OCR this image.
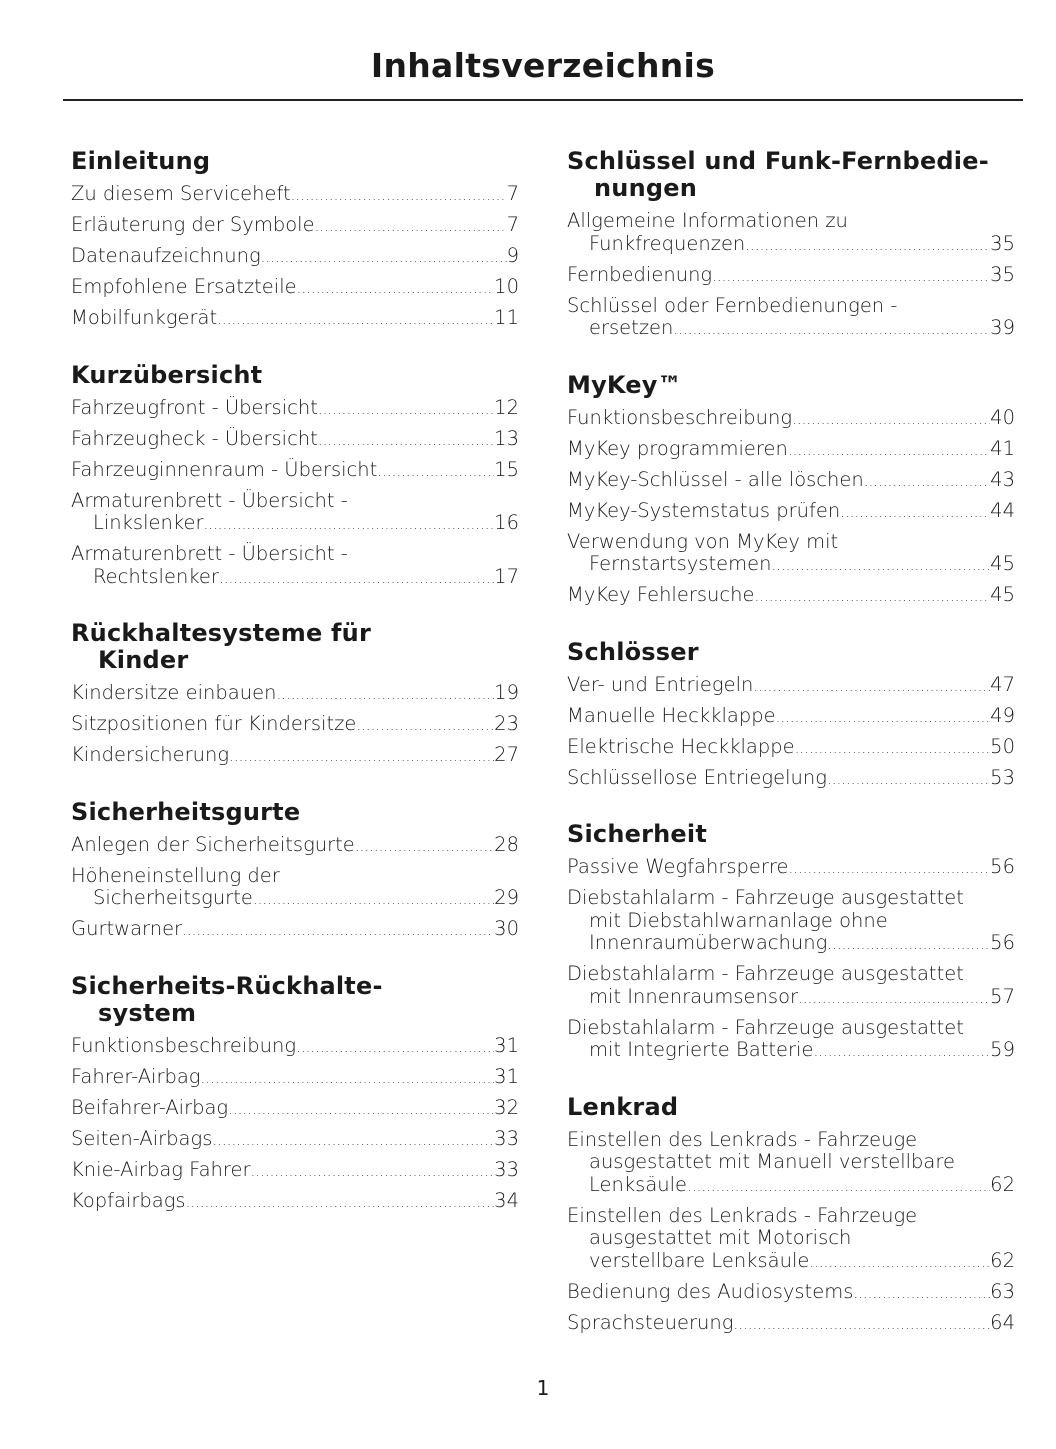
Inhaltsverzeichnis
Einleitung
Zu diesem Serviceheft .....	7
Erläuterung der Symbole .....	7
Datenaufzeichnung .....	9
Empfohlene Ersatzteile .....	10
Mobilfunkgerät .....	11
Kurzübersicht
Fahrzeugfront - Übersicht .....	12
Fahrzeugheck - Übersicht .....	13
Fahrzeuginnenraum - Übersicht .....	15
Armaturenbrett - Übersicht -
Linkslenker .....	16
Armaturenbrett - Übersicht -
Rechtslenker .....	17
Rückhaltesysteme für
Kinder
Kindersitze einbauen .....	19
Sitzpositionen für Kindersitze .....	23
Kindersicherung .....	27
Sicherheitsgurte
Anlegen der Sicherheitsgurte .....	28
Höheneinstellung der
Sicherheitsgurte .....	29
Gurtwarner .....	30
Sicherheits-Rückhalte-
system
Funktionsbeschreibung .....	31
Fahrer-Airbag .....	31
Beifahrer-Airbag .....	32
Seiten-Airbags .....	33
Knie-Airbag Fahrer .....	33
Kopfairbags .....	34
Schlüssel und Funk-Fernbedie-
nungen
Allgemeine Informationen zu
Funkfrequenzen .....	35
Fernbedienung .....	35
Schlüssel oder Fernbedienungen -
ersetzen .....	39
MyKey™
Funktionsbeschreibung .....	40
MyKey programmieren .....	41
MyKey-Schlüssel - alle löschen .....	43
MyKey-Systemstatus prüfen .....	44
Verwendung von MyKey mit
Fernstartsystemen .....	45
MyKey Fehlersuche .....	45
Schlösser
Ver- und Entriegeln .....	47
Manuelle Heckklappe .....	49
Elektrische Heckklappe .....	50
Schlüssellose Entriegelung .....	53
Sicherheit
Passive Wegfahrsperre .....	56
Diebstahlalarm - Fahrzeuge ausgestattet
mit Diebstahlwarnanlage ohne
Innenraumüberwachung .....	56
Diebstahlalarm - Fahrzeuge ausgestattet
mit Innenraumsensor .....	57
Diebstahlalarm - Fahrzeuge ausgestattet
mit Integrierte Batterie .....	59
Lenkrad
Einstellen des Lenkrads - Fahrzeuge
ausgestattet mit Manuell verstellbare
Lenksäule .....	62
Einstellen des Lenkrads - Fahrzeuge
ausgestattet mit Motorisch
verstellbare Lenksäule .....	62
Bedienung des Audiosystems .....	63
Sprachsteuerung .....	64
1
